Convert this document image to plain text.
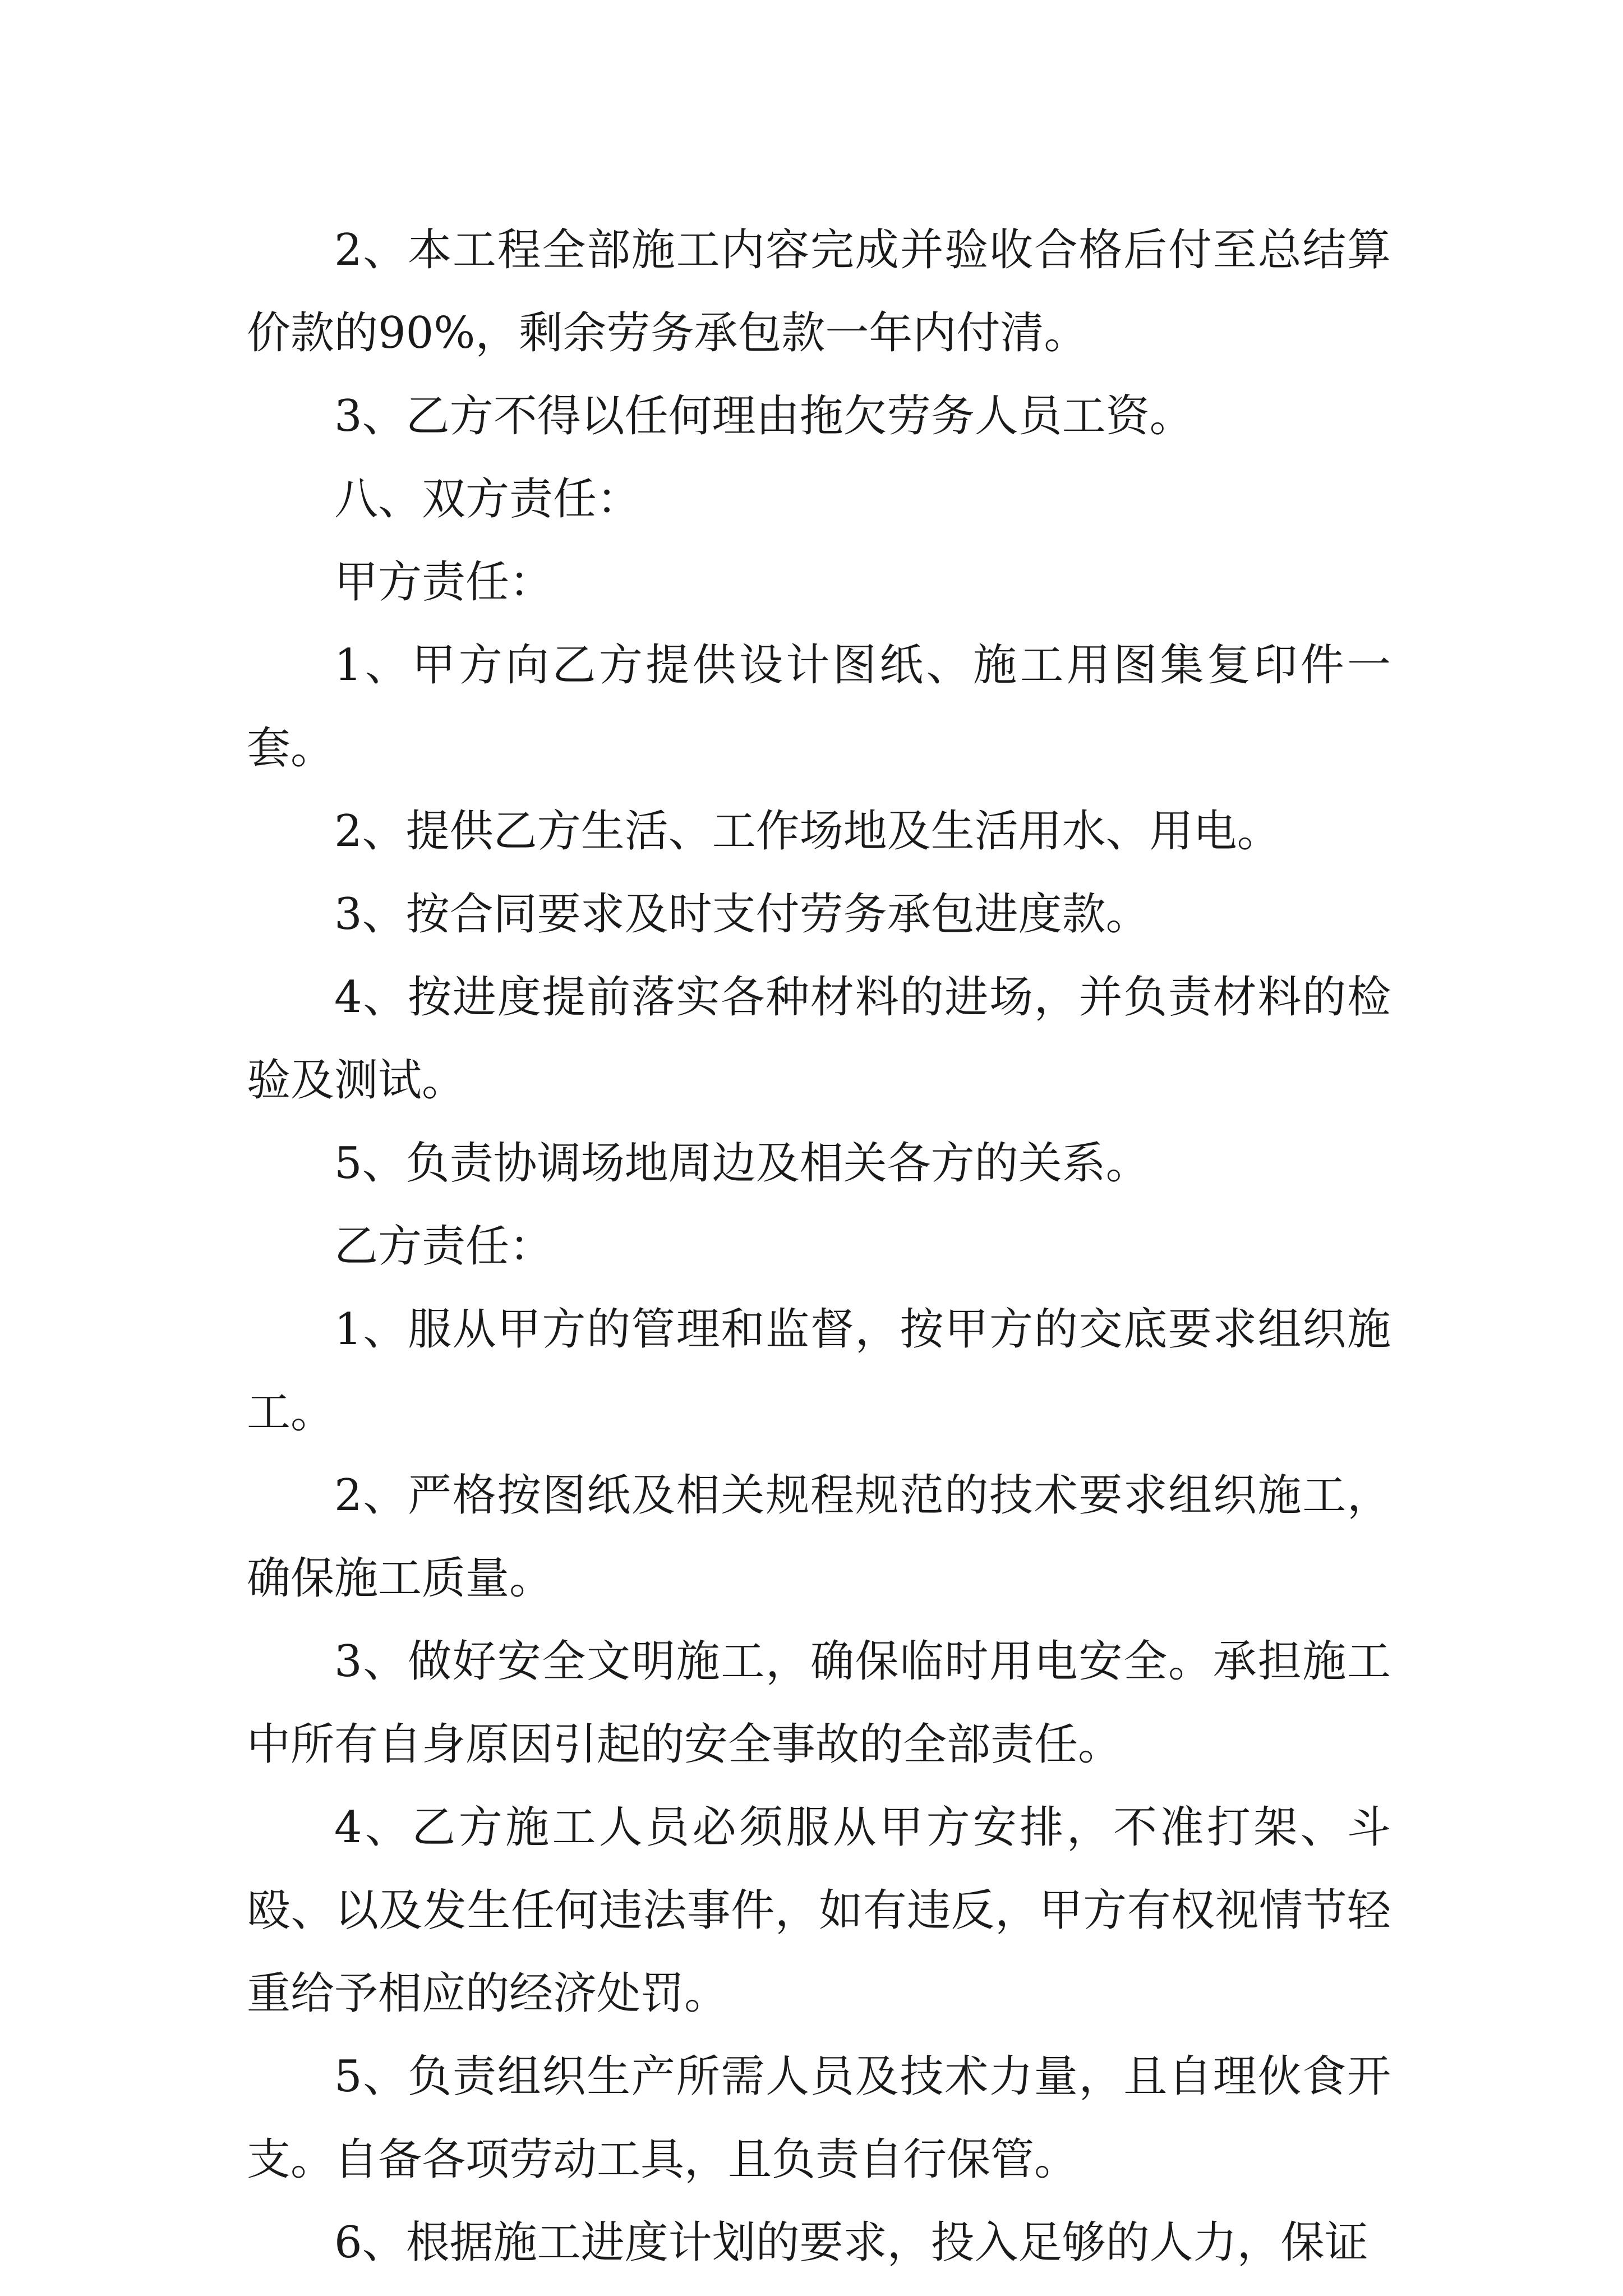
2、本工程全部施工内容完成并验收合格后付至总结算价款的90%，剩余劳务承包款一年内付清。

3、乙方不得以任何理由拖欠劳务人员工资。

八、双方责任：

甲方责任：

1、甲方向乙方提供设计图纸、施工用图集复印件一套。

2、提供乙方生活、工作场地及生活用水、用电。

3、按合同要求及时支付劳务承包进度款。

4、按进度提前落实各种材料的进场，并负责材料的检验及测试。

5、负责协调场地周边及相关各方的关系。

乙方责任：

1、服从甲方的管理和监督，按甲方的交底要求组织施工。

2、严格按图纸及相关规程规范的技术要求组织施工，确保施工质量。

3、做好安全文明施工，确保临时用电安全。承担施工中所有自身原因引起的安全事故的全部责任。

4、乙方施工人员必须服从甲方安排，不准打架、斗殴、以及发生任何违法事件，如有违反，甲方有权视情节轻重给予相应的经济处罚。

5、负责组织生产所需人员及技术力量，且自理伙食开支。自备各项劳动工具，且负责自行保管。

6、根据施工进度计划的要求，投入足够的人力，保证
